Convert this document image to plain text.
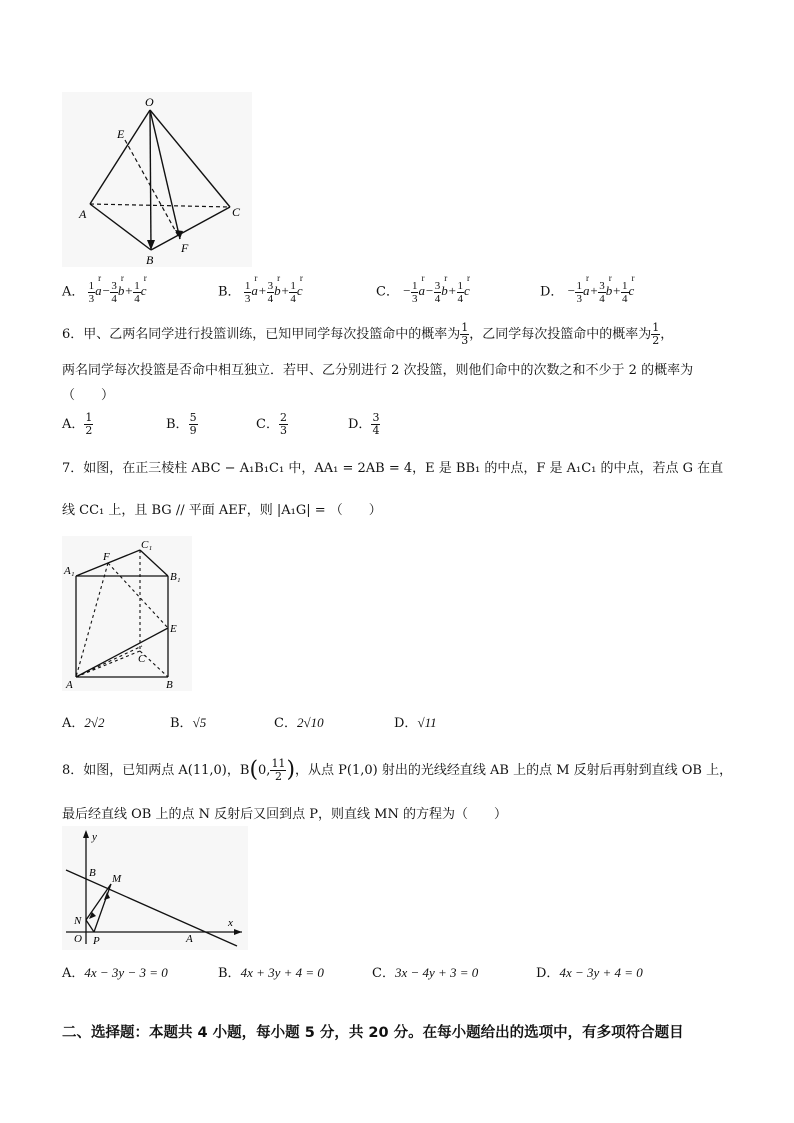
O
E
A	C
B
F
A． $\frac{1}{3}$ a
r
− $\frac{3}{4}$ b
r
+ $\frac{1}{4}$ c
r
B． $\frac{1}{3}$ a
r
+ $\frac{3}{4}$ b
r
+ $\frac{1}{4}$ c
r
C． − $\frac{1}{3}$ a
r
− $\frac{3}{4}$ b
r
+ $\frac{1}{4}$ c
r
D． − $\frac{1}{3}$ a
r
+ $\frac{3}{4}$ b
r
+ $\frac{1}{4}$ c
r
6．甲、乙两名同学进行投篮训练，已知甲同学每次投篮命中的概率为 $\frac{1}{3}$ ，乙同学每次投篮命中的概率为 $\frac{1}{2}$ ，
两名同学每次投篮是否命中相互独立．若甲、乙分别进行 2 次投篮，则他们命中的次数之和不少于 2 的概率为
（　　）
A． $\frac{1}{2}$	B． $\frac{5}{9}$	C． $\frac{2}{3}$	D． $\frac{3}{4}$
7．如图，在正三棱柱 ABC − A₁B₁C₁ 中，AA₁ = 2AB = 4，E 是 BB₁ 的中点，F 是 A₁C₁ 的中点，若点 G 在直
线 CC₁ 上，且 BG // 平面 AEF，则 |A₁G| = （　　）
F
C₁
A₁	B₁
E
C
A	B
A．2√2	B．√5	C．2√10	D．√11
8．如图，已知两点 A(11,0)，B(0, $\frac{11}{2}$ )，从点 P(1,0) 射出的光线经直线 AB 上的点 M 反射后再射到直线 OB 上，
最后经直线 OB 上的点 N 反射后又回到点 P，则直线 MN 的方程为（　　）
y
B M
N	x
O P	A
A．4x − 3y − 3 = 0	B．4x + 3y + 4 = 0	C．3x − 4y + 3 = 0	D．4x − 3y + 4 = 0
二、选择题：本题共 4 小题，每小题 5 分，共 20 分。在每小题给出的选项中，有多项符合题目
